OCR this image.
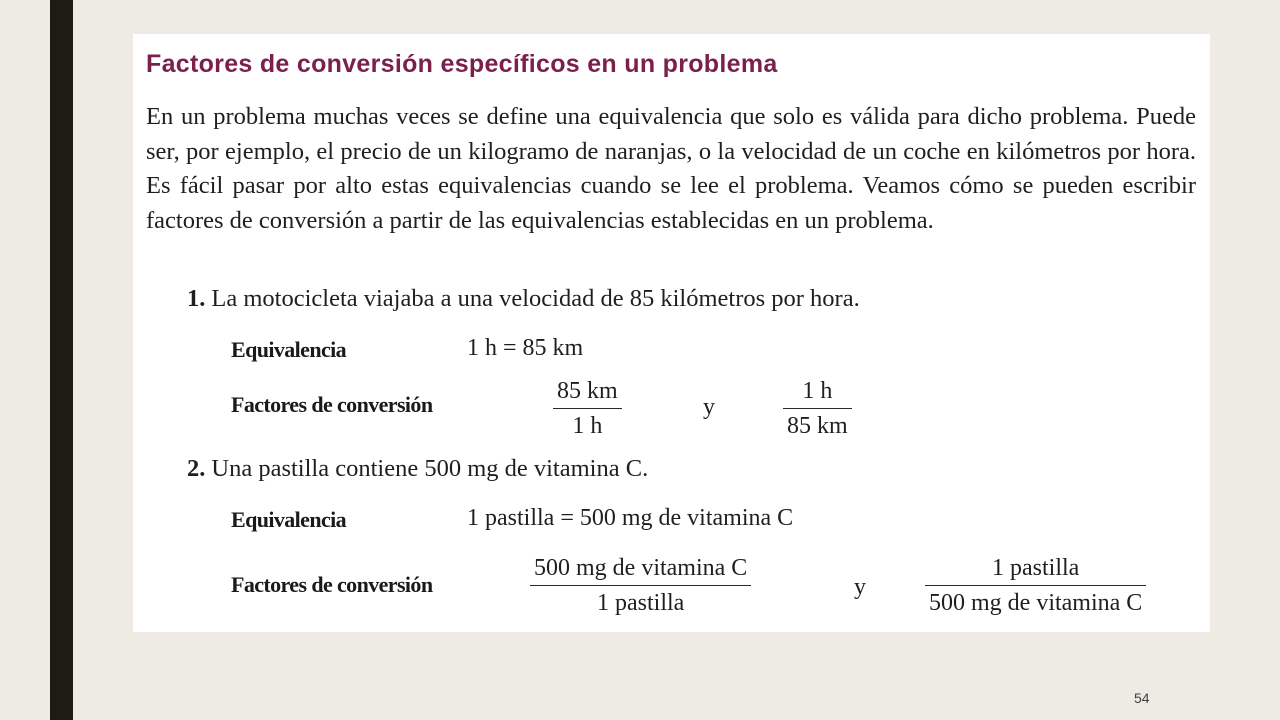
Factores de conversión específicos en un problema

En un problema muchas veces se define una equivalencia que solo es válida para dicho problema. Puede ser, por ejemplo, el precio de un kilogramo de naranjas, o la velocidad de un coche en kilómetros por hora. Es fácil pasar por alto estas equivalencias cuando se lee el problema. Veamos cómo se pueden escribir factores de conversión a partir de las equivalencias establecidas en un problema.

1. La motocicleta viajaba a una velocidad de 85 kilómetros por hora.

Equivalencia	1 h = 85 km
Factores de conversión
85 km
1 h
y
1 h
85 km

2. Una pastilla contiene 500 mg de vitamina C.

Equivalencia	1 pastilla = 500 mg de vitamina C
Factores de conversión
500 mg de vitamina C
1 pastilla
y
1 pastilla
500 mg de vitamina C
54
